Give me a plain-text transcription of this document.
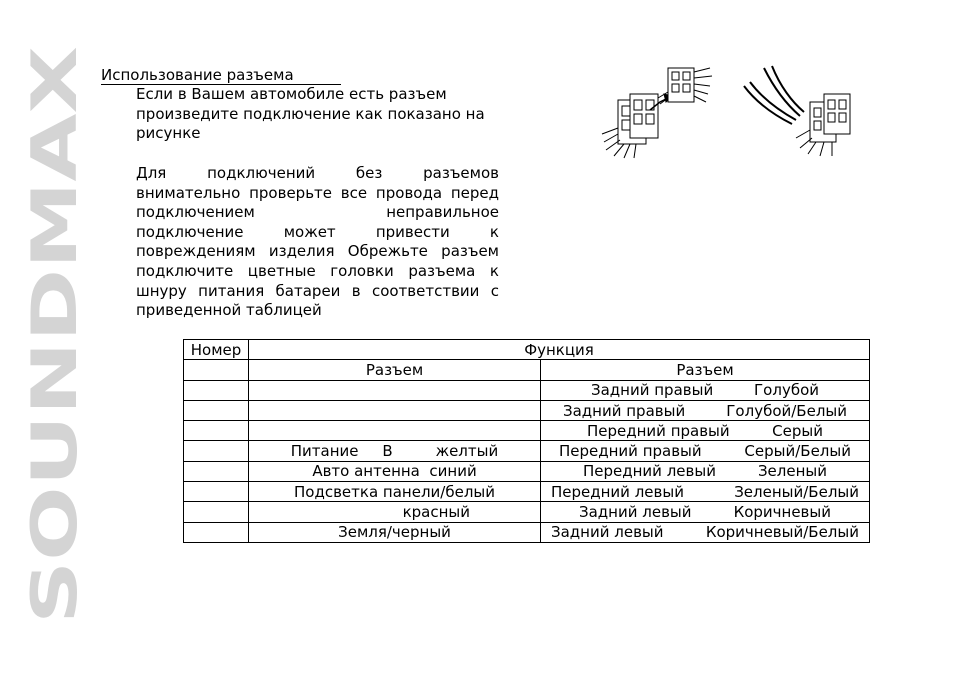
SOUNDMAX
Использование разъема
Если в Вашем автомобиле есть разъем
произведите подключение как показано на
рисунке
Для подключений без разъемов
внимательно проверьте все провода перед
подключением неправильное
подключение может привести к
повреждениям изделия Обрежьте разъем
подключите цветные головки разъема к
шнуру питания батареи в соответствии с
приведенной таблицей
Номер	Функция	
	Разъем	Разъем

		Задний правый Голубой

		Задний правый Голубой/Белый

		Передний правый Серый

	Питание     В         желтый	Передний правый Серый/Белый

	Авто антенна  синий	Передний левый Зеленый

	Подсветка панели/белый	Передний левый Зеленый/Белый

	красный	Задний левый Коричневый

	Земля/черный	Задний левый Коричневый/Белый
